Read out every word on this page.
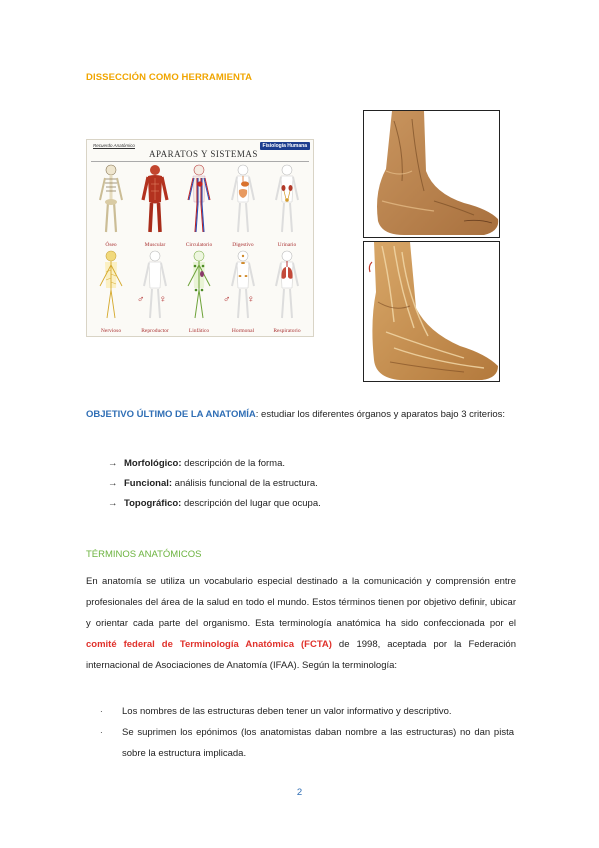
DISSECCIÓN COMO HERRAMIENTA
Recuerdo Anatómico
APARATOS Y SISTEMAS
Fisiología Humana
Óseo	Muscular	Circulatorio	Digestivo	Urinario
Nervioso
♂ ♀
Reproductor	Linfático
♂ ♀
Hormonal	Respiratorio
OBJETIVO ÚLTIMO DE LA ANATOMÍA: estudiar los diferentes órganos y aparatos bajo 3 criterios:
→ Morfológico: descripción de la forma.
→ Funcional: análisis funcional de la estructura.
→ Topográfico: descripción del lugar que ocupa.
TÉRMINOS ANATÓMICOS
En anatomía se utiliza un vocabulario especial destinado a la comunicación y comprensión entre profesionales del área de la salud en todo el mundo. Estos términos tienen por objetivo definir, ubicar y orientar cada parte del organismo. Esta terminología anatómica ha sido confeccionada por el comité federal de Terminología Anatómica (FCTA) de 1998, aceptada por la Federación internacional de Asociaciones de Anatomía (IFAA). Según la terminología:
· Los nombres de las estructuras deben tener un valor informativo y descriptivo.
· Se suprimen los epónimos (los anatomistas daban nombre a las estructuras) no dan pista sobre la estructura implicada.
2
